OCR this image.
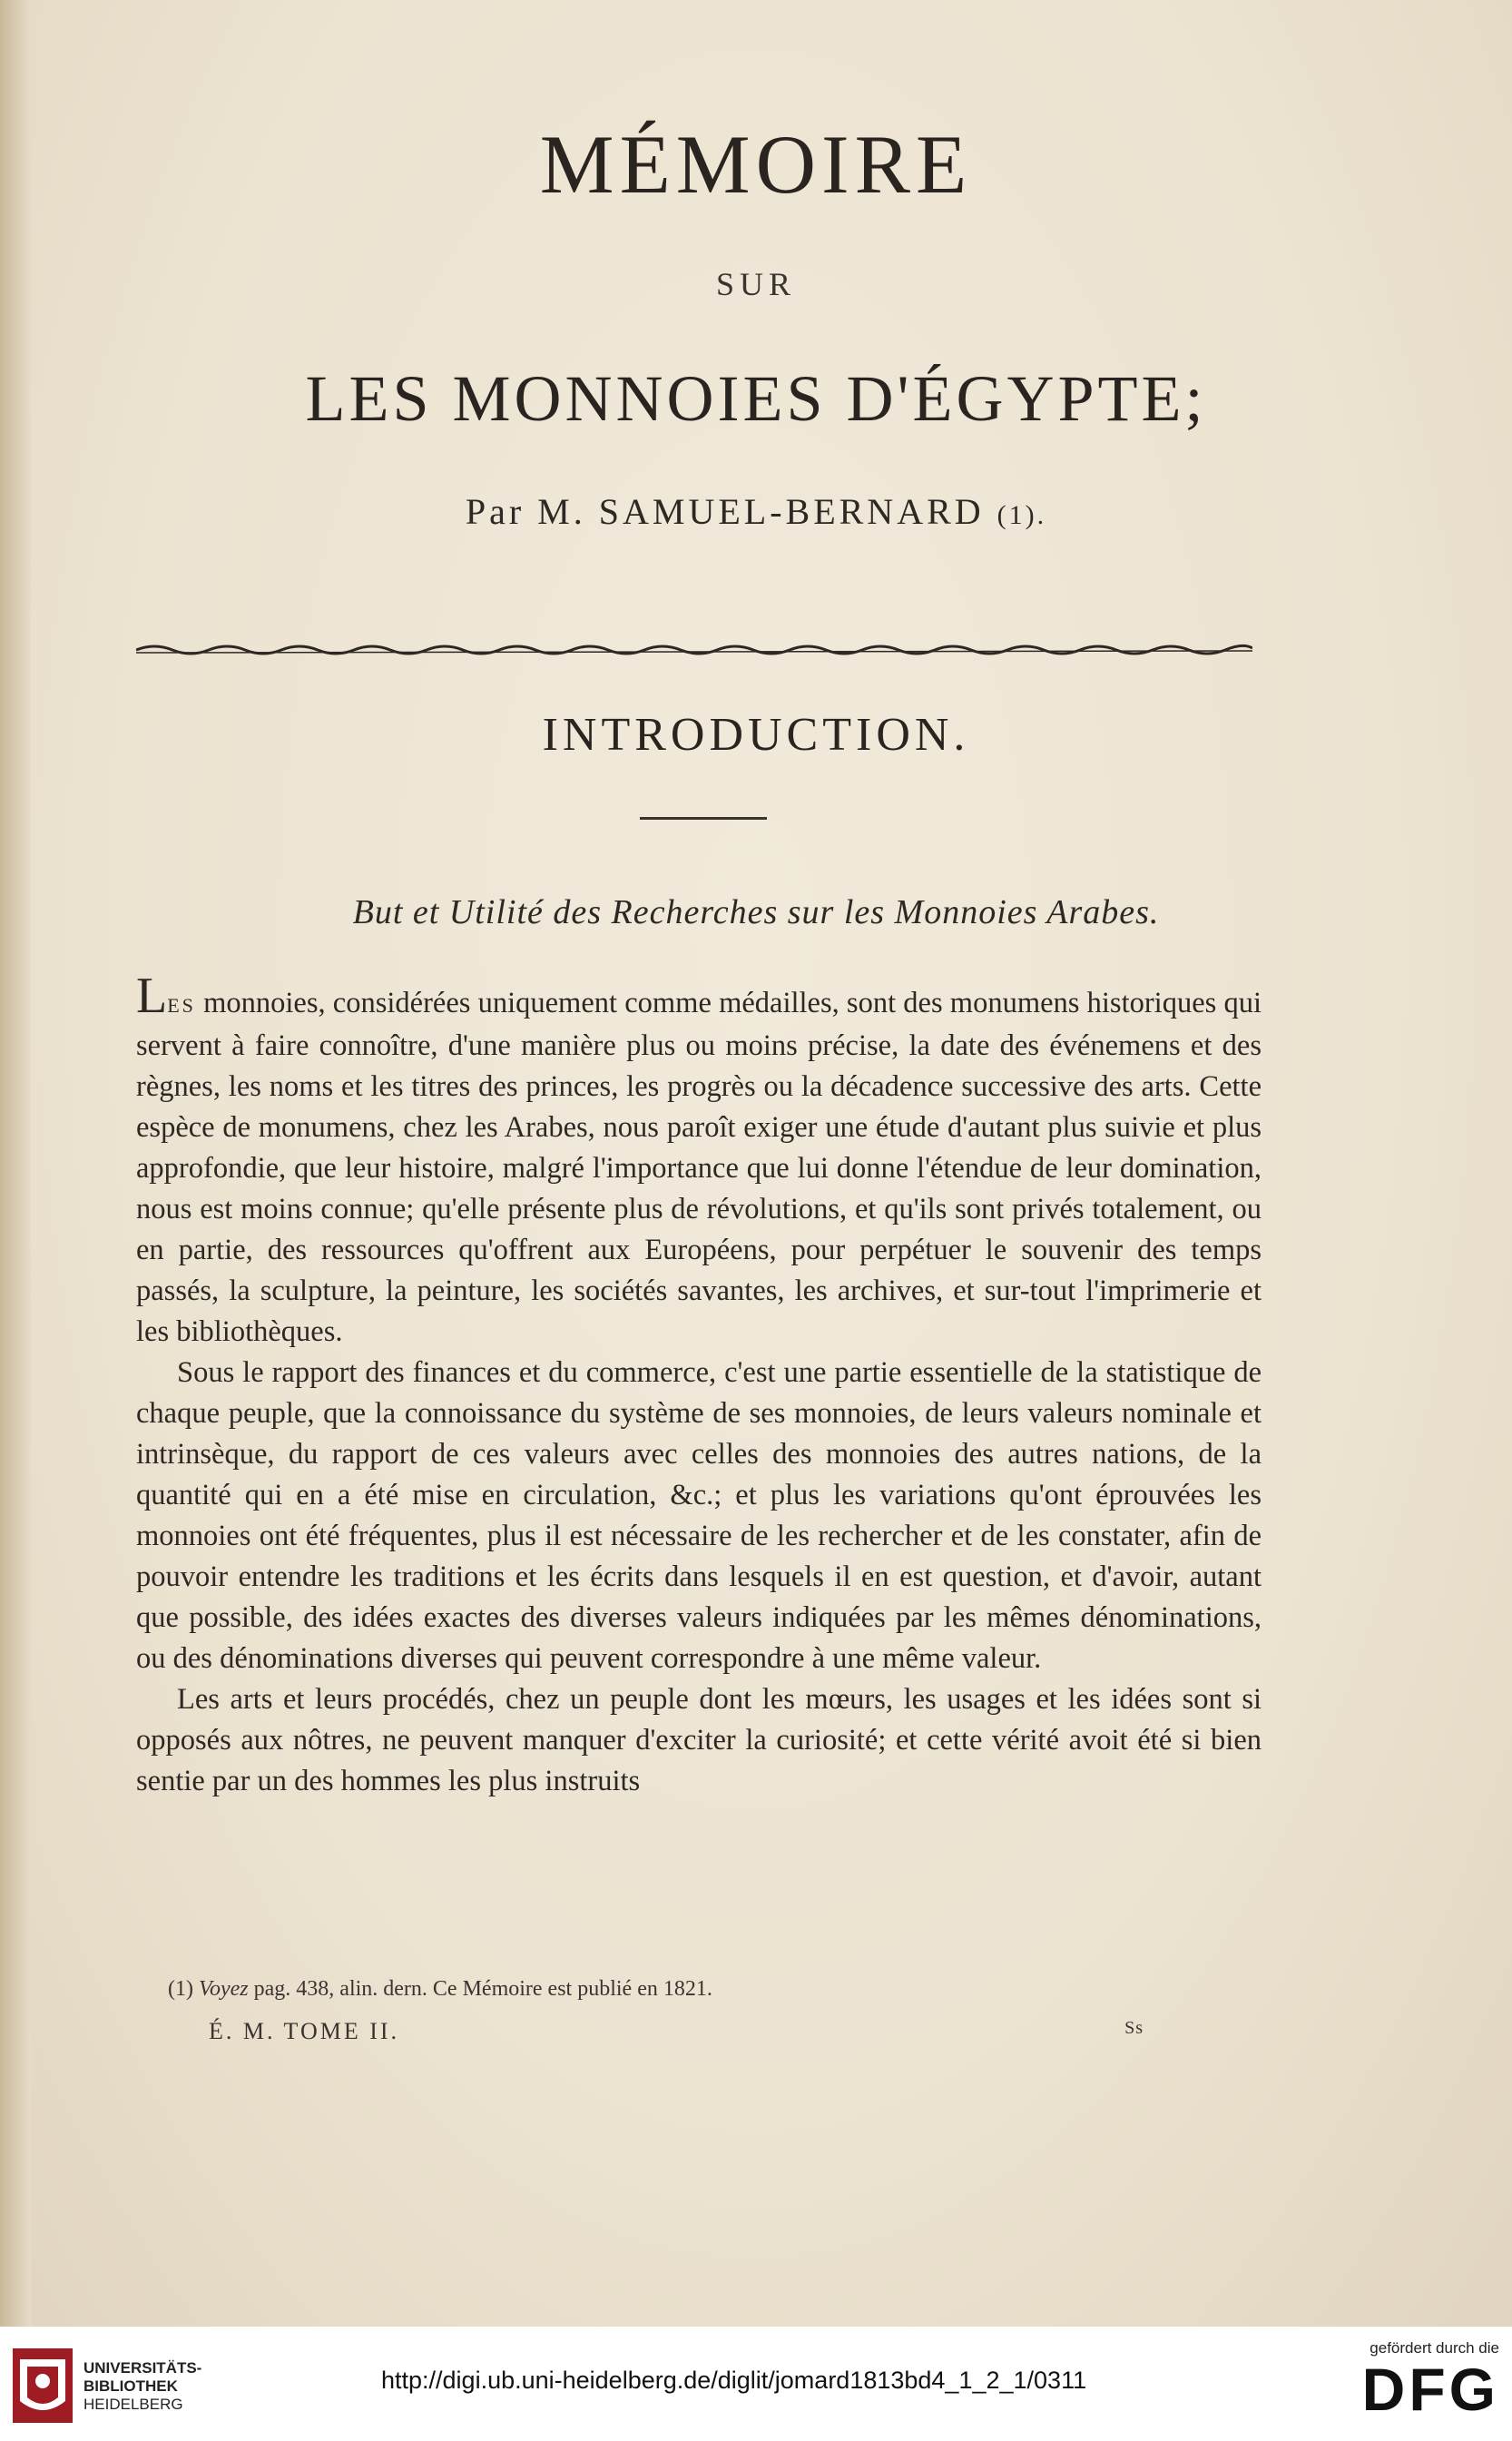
MÉMOIRE
SUR
LES MONNOIES D'ÉGYPTE;
Par M. SAMUEL-BERNARD (1).
INTRODUCTION.
But et Utilité des Recherches sur les Monnoies Arabes.

LES monnoies, considérées uniquement comme médailles, sont des monumens historiques qui servent à faire connoître, d'une manière plus ou moins précise, la date des événemens et des règnes, les noms et les titres des princes, les progrès ou la décadence successive des arts. Cette espèce de monumens, chez les Arabes, nous paroît exiger une étude d'autant plus suivie et plus approfondie, que leur histoire, malgré l'importance que lui donne l'étendue de leur domination, nous est moins connue; qu'elle présente plus de révolutions, et qu'ils sont privés totalement, ou en partie, des ressources qu'offrent aux Européens, pour perpétuer le souvenir des temps passés, la sculpture, la peinture, les sociétés savantes, les archives, et sur-tout l'imprimerie et les bibliothèques.

Sous le rapport des finances et du commerce, c'est une partie essentielle de la statistique de chaque peuple, que la connoissance du système de ses monnoies, de leurs valeurs nominale et intrinsèque, du rapport de ces valeurs avec celles des monnoies des autres nations, de la quantité qui en a été mise en circulation, &c.; et plus les variations qu'ont éprouvées les monnoies ont été fréquentes, plus il est nécessaire de les rechercher et de les constater, afin de pouvoir entendre les traditions et les écrits dans lesquels il en est question, et d'avoir, autant que possible, des idées exactes des diverses valeurs indiquées par les mêmes dénominations, ou des dénominations diverses qui peuvent correspondre à une même valeur.

Les arts et leurs procédés, chez un peuple dont les mœurs, les usages et les idées sont si opposés aux nôtres, ne peuvent manquer d'exciter la curiosité; et cette vérité avoit été si bien sentie par un des hommes les plus instruits

(1) Voyez pag. 438, alin. dern. Ce Mémoire est publié en 1821.
É. M. TOME II.	Ss
UNIVERSITÄTS-
BIBLIOTHEK
HEIDELBERG
http://digi.ub.uni-heidelberg.de/diglit/jomard1813bd4_1_2_1/0311
gefördert durch die
DFG
